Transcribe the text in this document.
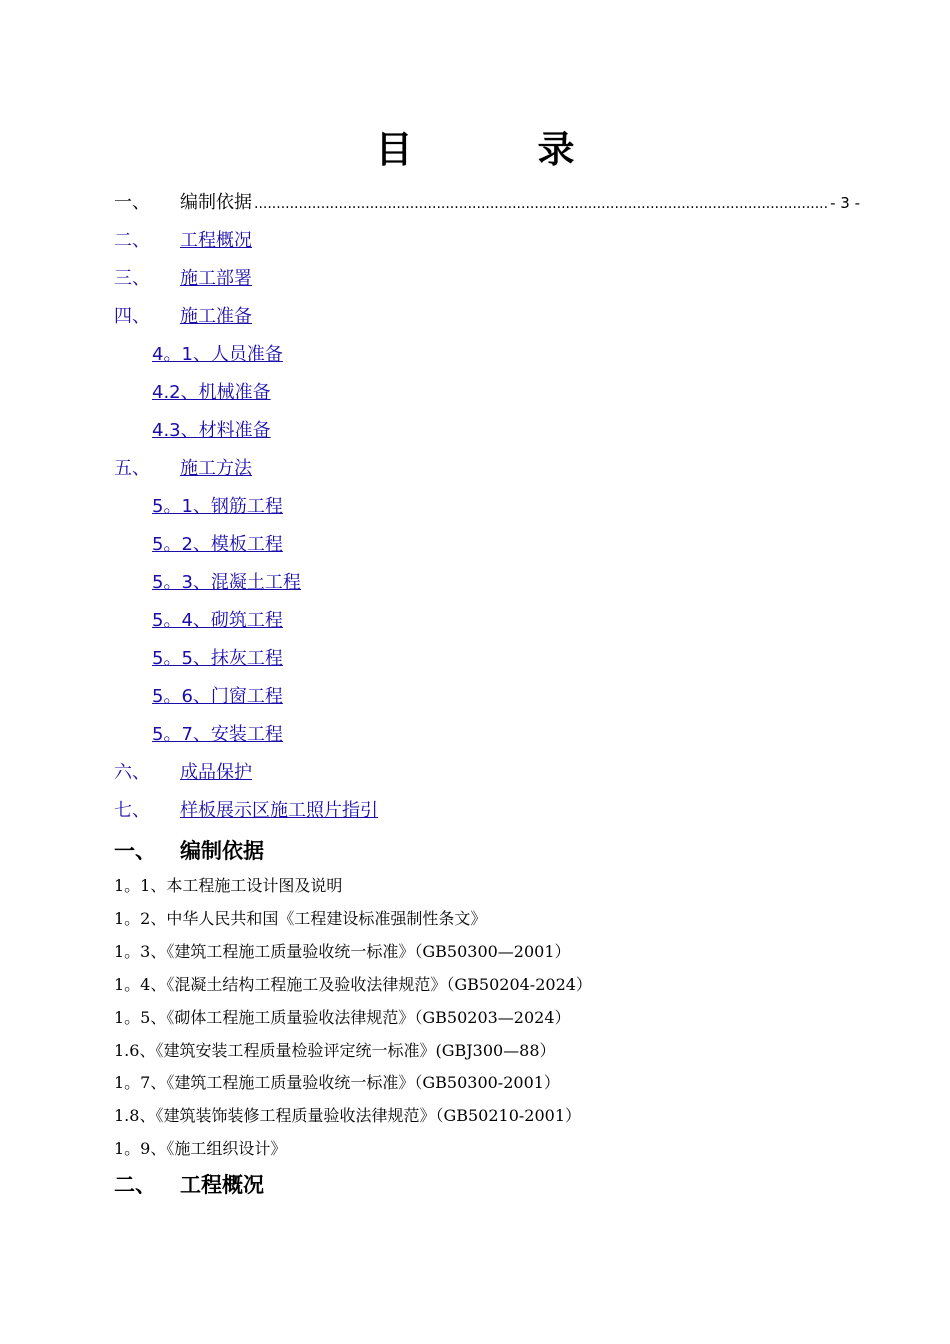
目　录
一、	编制依据
.....	- 3 -
二、 工程概况
三、 施工部署
四、 施工准备
4。1、人员准备
4.2、机械准备
4.3、材料准备
五、 施工方法
5。1、钢筋工程
5。2、模板工程
5。3、混凝土工程
5。4、砌筑工程
5。5、抹灰工程
5。6、门窗工程
5。7、安装工程
六、 成品保护
七、 样板展示区施工照片指引
一、 编制依据
1。1、本工程施工设计图及说明
1。2、中华人民共和国《工程建设标准强制性条文》
1。3、《建筑工程施工质量验收统一标准》（GB50300—2001）
1。4、《混凝土结构工程施工及验收法律规范》（GB50204-2024）
1。5、《砌体工程施工质量验收法律规范》（GB50203—2024）
1.6、《建筑安装工程质量检验评定统一标准》(GBJ300—88）
1。7、《建筑工程施工质量验收统一标准》（GB50300-2001）
1.8、《建筑装饰装修工程质量验收法律规范》（GB50210-2001）
1。9、《施工组织设计》
二、 工程概况
